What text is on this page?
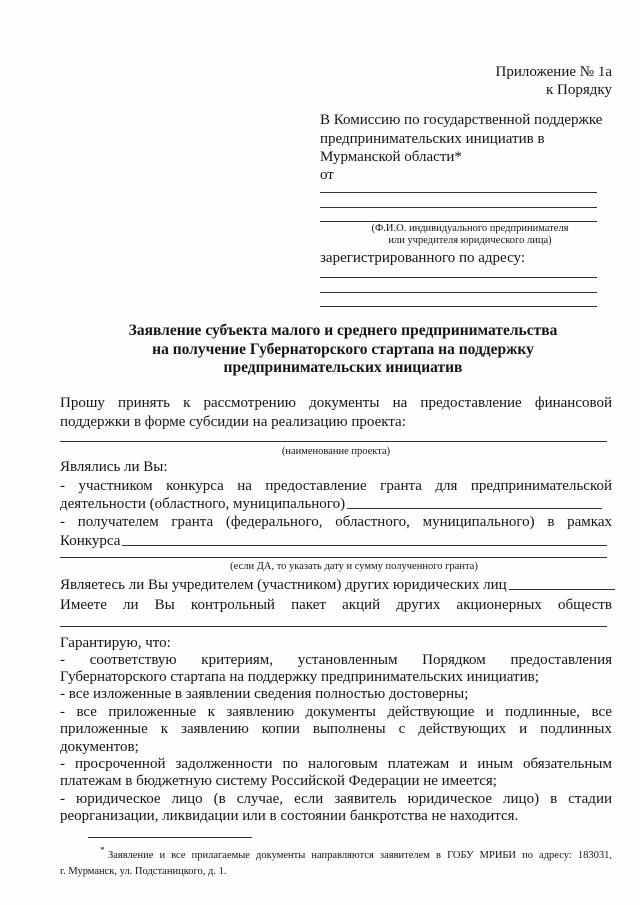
Приложение № 1а
к Порядку
В Комиссию по государственной поддержке
предпринимательских инициатив в
Мурманской области*
от
(Ф.И.О. индивидуального предпринимателя
или учредителя юридического лица)
зарегистрированного по адресу:
Заявление субъекта малого и среднего предпринимательства
на получение Губернаторского стартапа на поддержку
предпринимательских инициатив
Прошу принять к рассмотрению документы на предоставление финансовой
поддержки в форме субсидии на реализацию проекта:
(наименование проекта)
Являлись ли Вы:
- участником конкурса на предоставление гранта для предпринимательской
деятельности (областного, муниципального)
- получателем гранта (федерального, областного, муниципального) в рамках
Конкурса
(если ДА, то указать дату и сумму полученного гранта)
Являетесь ли Вы учредителем (участником) других юридических лиц
Имеете ли Вы контрольный пакет акций других акционерных обществ
Гарантирую, что:
- соответствую критериям, установленным Порядком предоставления
Губернаторского стартапа на поддержку предпринимательских инициатив;
- все изложенные в заявлении сведения полностью достоверны;
- все приложенные к заявлению документы действующие и подлинные, все
приложенные к заявлению копии выполнены с действующих и подлинных
документов;
- просроченной задолженности по налоговым платежам и иным обязательным
платежам в бюджетную систему Российской Федерации не имеется;
- юридическое лицо (в случае, если заявитель юридическое лицо) в стадии
реорганизации, ликвидации или в состоянии банкротства не находится.
* Заявление и все прилагаемые документы направляются заявителем в ГОБУ МРИБИ по адресу: 183031,
г. Мурманск, ул. Подстаницкого, д. 1.
